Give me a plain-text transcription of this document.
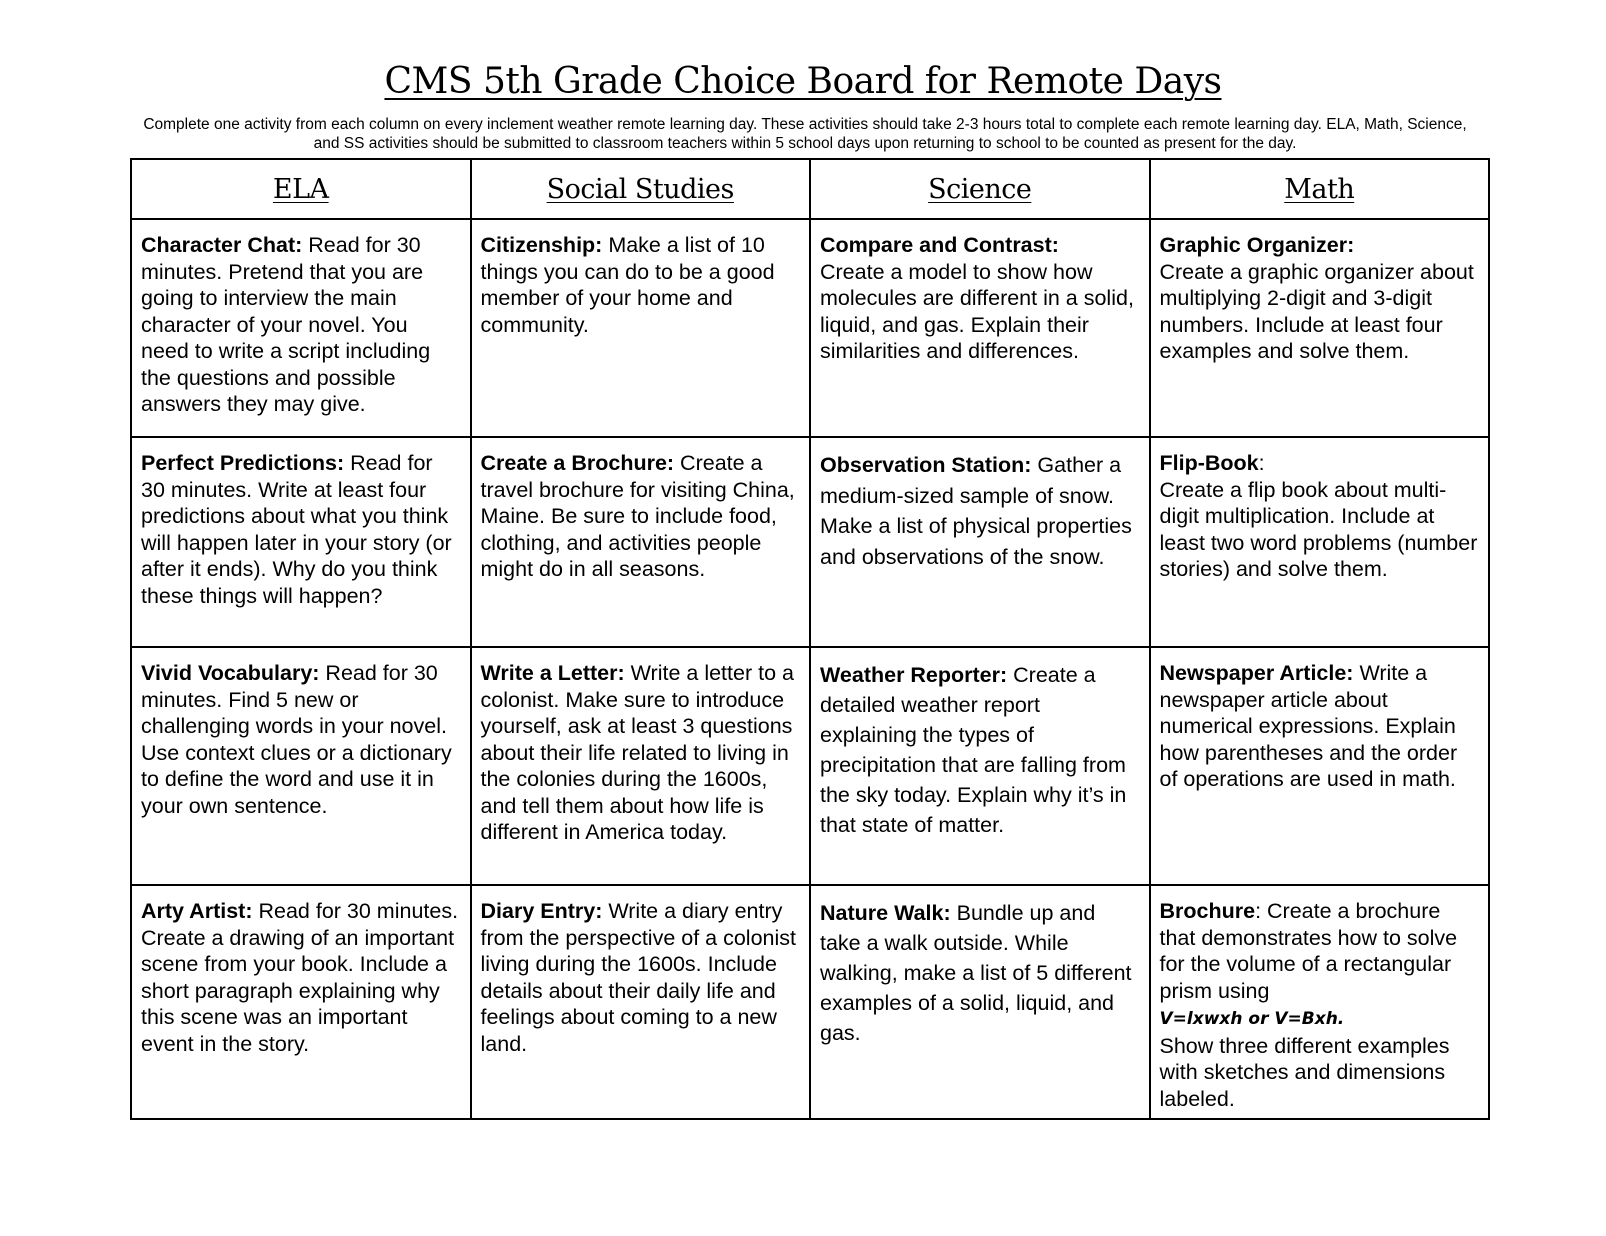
CMS 5th Grade Choice Board for Remote Days
Complete one activity from each column on every inclement weather remote learning day. These activities should take 2-3 hours total to complete each remote learning day. ELA, Math, Science, and SS activities should be submitted to classroom teachers within 5 school days upon returning to school to be counted as present for the day.
ELA	Social Studies	Science	Math
Character Chat: Read for 30 minutes. Pretend that you are going to interview the main character of your novel. You need to write a script including the questions and possible answers they may give.	Citizenship: Make a list of 10 things you can do to be a good member of your home and community.	Compare and Contrast:
Create a model to show how molecules are different in a solid, liquid, and gas. Explain their similarities and differences.	Graphic Organizer:
Create a graphic organizer about multiplying 2-digit and 3-digit numbers. Include at least four examples and solve them.
Perfect Predictions: Read for 30 minutes. Write at least four predictions about what you think will happen later in your story (or after it ends). Why do you think these things will happen?	Create a Brochure: Create a travel brochure for visiting China, Maine. Be sure to include food, clothing, and activities people might do in all seasons.	Observation Station: Gather a medium-sized sample of snow. Make a list of physical properties and observations of the snow.	Flip-Book:
Create a flip book about multi-digit multiplication. Include at least two word problems (number stories) and solve them.
Vivid Vocabulary: Read for 30 minutes. Find 5 new or challenging words in your novel. Use context clues or a dictionary to define the word and use it in your own sentence.	Write a Letter: Write a letter to a colonist. Make sure to introduce yourself, ask at least 3 questions about their life related to living in the colonies during the 1600s, and tell them about how life is different in America today.	Weather Reporter: Create a detailed weather report explaining the types of precipitation that are falling from the sky today. Explain why it’s in that state of matter.	Newspaper Article: Write a newspaper article about numerical expressions. Explain how parentheses and the order of operations are used in math.
Arty Artist: Read for 30 minutes. Create a drawing of an important scene from your book. Include a short paragraph explaining why this scene was an important event in the story.	Diary Entry: Write a diary entry from the perspective of a colonist living during the 1600s. Include details about their daily life and feelings about coming to a new land.	Nature Walk: Bundle up and take a walk outside. While walking, make a list of 5 different examples of a solid, liquid, and gas.	Brochure: Create a brochure that demonstrates how to solve for the volume of a rectangular prism using
V=lxwxh or V=Bxh.
Show three different examples with sketches and dimensions labeled.
